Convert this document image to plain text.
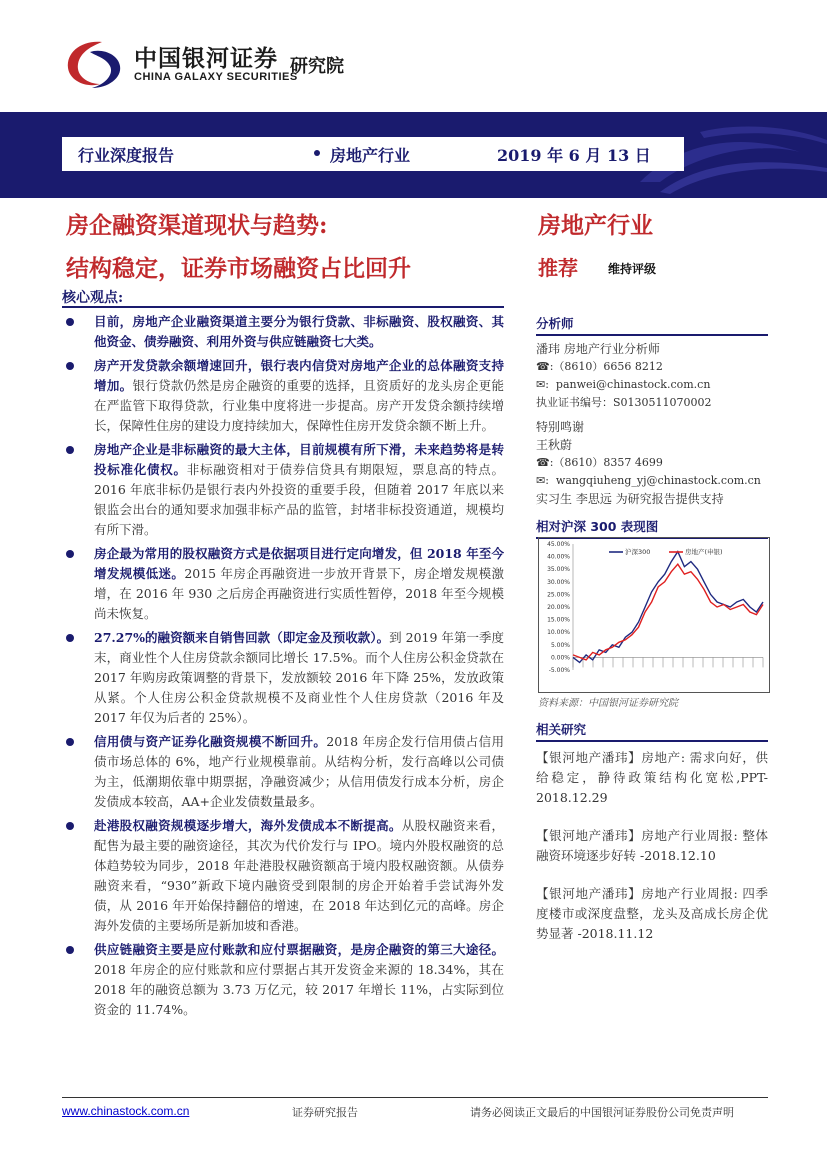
中国银河证券
CHINA GALAXY SECURITIES
研究院
行业深度报告	房地产行业	2019 年 6 月 13 日
房企融资渠道现状与趋势:
结构稳定，证券市场融资占比回升
房地产行业
推荐	维持评级
核心观点:
目前，房地产企业融资渠道主要分为银行贷款、非标融资、股权融资、其他资金、债券融资、利用外资与供应链融资七大类。
房产开发贷款余额增速回升，银行表内信贷对房地产企业的总体融资支持增加。银行贷款仍然是房企融资的重要的选择，且资质好的龙头房企更能在严监管下取得贷款，行业集中度将进一步提高。房产开发贷余额持续增长，保障性住房的建设力度持续加大，保障性住房开发贷余额不断上升。
房地产企业是非标融资的最大主体，目前规模有所下滑，未来趋势将是转投标准化债权。非标融资相对于债券信贷具有期限短，票息高的特点。2016 年底非标仍是银行表内外投资的重要手段，但随着 2017 年底以来银监会出台的通知要求加强非标产品的监管，封堵非标投资通道，规模均有所下滑。
房企最为常用的股权融资方式是依据项目进行定向增发，但 2018 年至今增发规模低迷。2015 年房企再融资进一步放开背景下，房企增发规模激增，在 2016 年 930 之后房企再融资进行实质性暂停，2018 年至今规模尚未恢复。
27.27%的融资额来自销售回款（即定金及预收款）。到 2019 年第一季度末，商业性个人住房贷款余额同比增长 17.5%。而个人住房公积金贷款在 2017 年购房政策调整的背景下，发放额较 2016 年下降 25%，发放政策从紧。个人住房公积金贷款规模不及商业性个人住房贷款（2016 年及 2017 年仅为后者的 25%）。
信用债与资产证券化融资规模不断回升。2018 年房企发行信用债占信用债市场总体的 6%，地产行业规模靠前。从结构分析，发行高峰以公司债为主，低潮期依靠中期票据，净融资减少；从信用债发行成本分析，房企发债成本较高，AA+企业发债数量最多。
赴港股权融资规模逐步增大，海外发债成本不断提高。从股权融资来看，配售为最主要的融资途径，其次为代价发行与 IPO。境内外股权融资的总体趋势较为同步，2018 年赴港股权融资额高于境内股权融资额。从债券融资来看，“930”新政下境内融资受到限制的房企开始着手尝试海外发债，从 2016 年开始保持翻倍的增速，在 2018 年达到亿元的高峰。房企海外发债的主要场所是新加坡和香港。
供应链融资主要是应付账款和应付票据融资，是房企融资的第三大途径。2018 年房企的应付账款和应付票据占其开发资金来源的 18.34%，其在 2018 年的融资总额为 3.73 万亿元，较 2017 年增长 11%，占实际到位资金的 11.74%。
分析师
潘玮 房地产行业分析师
☎:（8610）6656 8212
✉:  panwei@chinastock.com.cn
执业证书编号：S0130511070002
特别鸣谢
王秋蔚
☎:（8610）8357 4699
✉:  wangqiuheng_yj@chinastock.com.cn
实习生 李思远 为研究报告提供支持
相对沪深 300 表现图
45.00%
40.00%
35.00%
30.00%
25.00%
20.00%
15.00%
10.00%
5.00%
0.00%
-5.00%
沪深300	房地产(申银)
资料来源：中国银河证券研究院
相关研究

【银河地产潘玮】房地产: 需求向好，供给稳定，静待政策结构化宽松,PPT-2018.12.29

【银河地产潘玮】房地产行业周报: 整体融资环境逐步好转 -2018.12.10

【银河地产潘玮】房地产行业周报: 四季度楼市或深度盘整，龙头及高成长房企优势显著 -2018.11.12

www.chinastock.com.cn	证券研究报告	请务必阅读正文最后的中国银河证券股份公司免责声明
